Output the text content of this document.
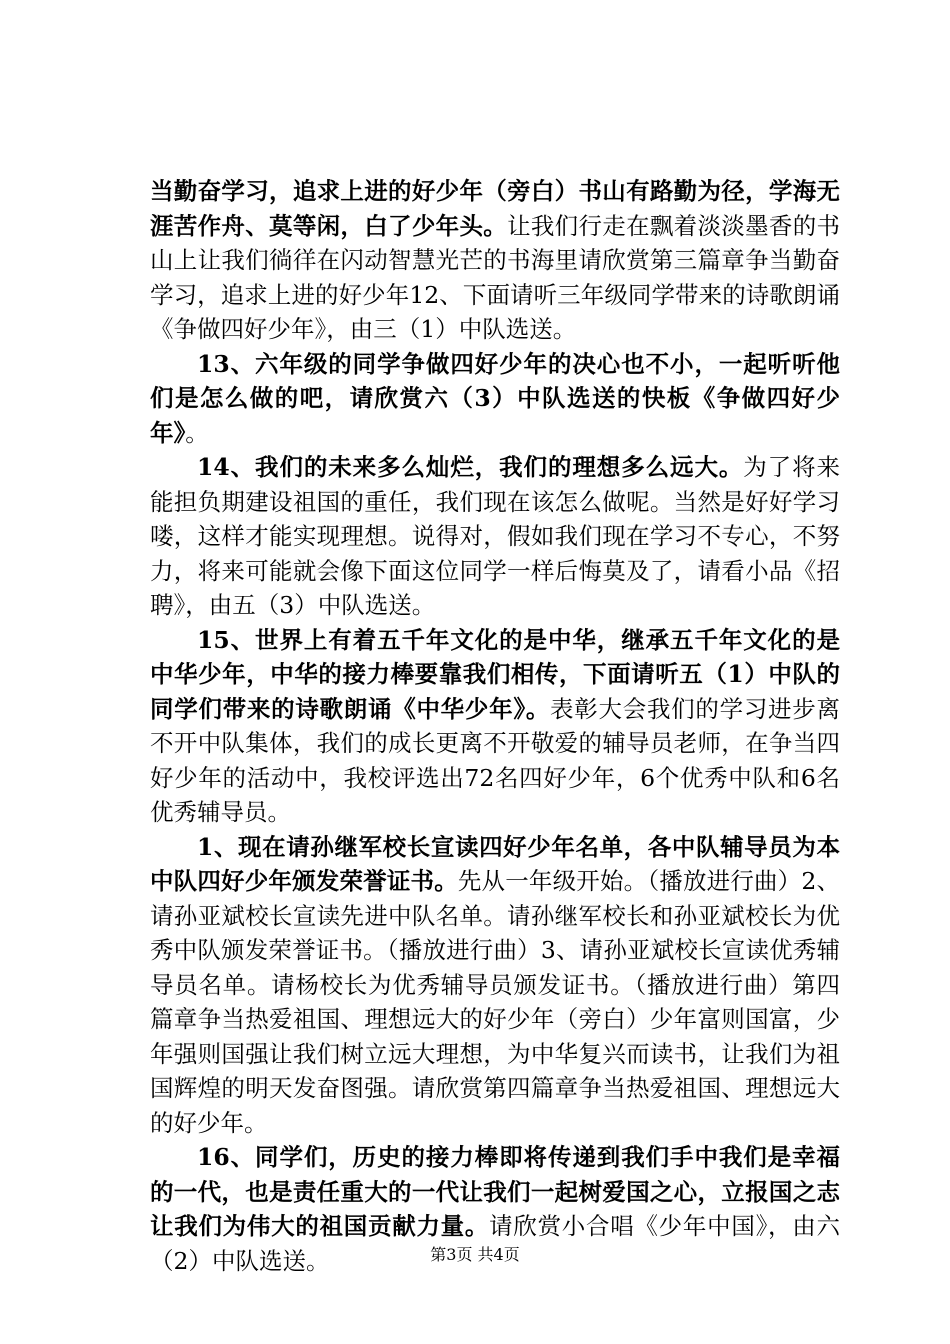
当勤奋学习，追求上进的好少年（旁白）书山有路勤为径，学海无涯苦作舟、莫等闲，白了少年头。让我们行走在飘着淡淡墨香的书山上让我们徜徉在闪动智慧光芒的书海里请欣赏第三篇章争当勤奋学习，追求上进的好少年12、下面请听三年级同学带来的诗歌朗诵《争做四好少年》，由三（1）中队选送。

13、六年级的同学争做四好少年的决心也不小，一起听听他们是怎么做的吧，请欣赏六（3）中队选送的快板《争做四好少年》。

14、我们的未来多么灿烂，我们的理想多么远大。为了将来能担负期建设祖国的重任，我们现在该怎么做呢。当然是好好学习喽，这样才能实现理想。说得对，假如我们现在学习不专心，不努力，将来可能就会像下面这位同学一样后悔莫及了，请看小品《招聘》，由五（3）中队选送。

15、世界上有着五千年文化的是中华，继承五千年文化的是中华少年，中华的接力棒要靠我们相传，下面请听五（1）中队的同学们带来的诗歌朗诵《中华少年》。表彰大会我们的学习进步离不开中队集体，我们的成长更离不开敬爱的辅导员老师，在争当四好少年的活动中，我校评选出72名四好少年，6个优秀中队和6名优秀辅导员。

1、现在请孙继军校长宣读四好少年名单，各中队辅导员为本中队四好少年颁发荣誉证书。先从一年级开始。（播放进行曲）2、请孙亚斌校长宣读先进中队名单。请孙继军校长和孙亚斌校长为优秀中队颁发荣誉证书。（播放进行曲）3、请孙亚斌校长宣读优秀辅导员名单。请杨校长为优秀辅导员颁发证书。（播放进行曲）第四篇章争当热爱祖国、理想远大的好少年（旁白）少年富则国富，少年强则国强让我们树立远大理想，为中华复兴而读书，让我们为祖国辉煌的明天发奋图强。请欣赏第四篇章争当热爱祖国、理想远大的好少年。

16、同学们，历史的接力棒即将传递到我们手中我们是幸福的一代，也是责任重大的一代让我们一起树爱国之心，立报国之志让我们为伟大的祖国贡献力量。请欣赏小合唱《少年中国》，由六（2）中队选送。	第3页 共4页
